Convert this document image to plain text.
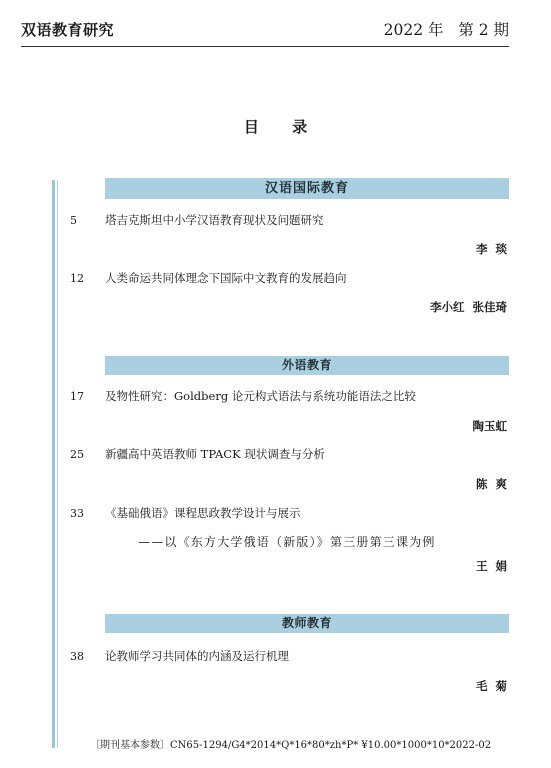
双语教育研究	2022 年   第 2 期
目 录
汉语国际教育
5 塔吉克斯坦中小学汉语教育现状及问题研究
李  琰
12 人类命运共同体理念下国际中文教育的发展趋向
李小红  张佳琦
外语教育
17 及物性研究：Goldberg 论元构式语法与系统功能语法之比较
陶玉虹
25 新疆高中英语教师 TPACK 现状调查与分析
陈  爽
33 《基础俄语》课程思政教学设计与展示
——以《东方大学俄语（新版）》第三册第三课为例
王  娟
教师教育
38 论教师学习共同体的内涵及运行机理
毛  菊
〔期刊基本参数〕CN65-1294/G4*2014*Q*16*80*zh*P* ¥10.00*1000*10*2022-02
